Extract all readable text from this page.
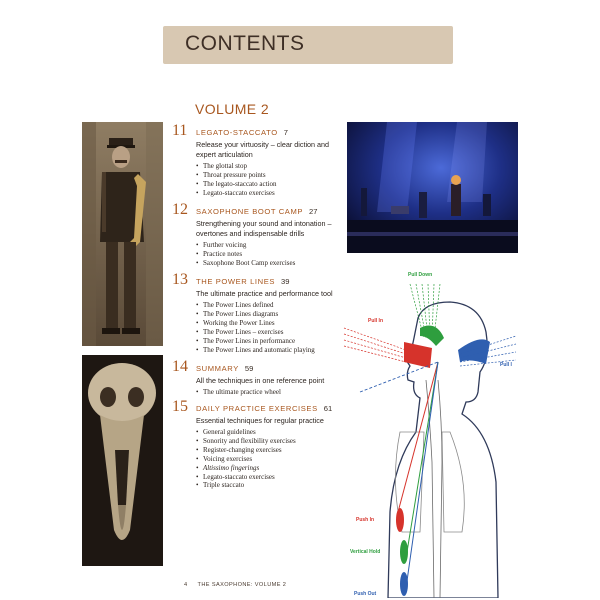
CONTENTS
VOLUME 2
11	LEGATO-STACCATO 7
Release your virtuosity – clear diction and expert articulation
• The glottal stop
• Throat pressure points
• The legato-staccato action
• Legato-staccato exercises
12	SAXOPHONE BOOT CAMP 27
Strengthening your sound and intonation – overtones and indispensable drills
• Further voicing
• Practice notes
• Saxophone Boot Camp exercises
13	THE POWER LINES 39
The ultimate practice and performance tool
• The Power Lines defined
• The Power Lines diagrams
• Working the Power Lines
• The Power Lines – exercises
• The Power Lines in performance
• The Power Lines and automatic playing
14	SUMMARY 59
All the techniques in one reference point
• The ultimate practice wheel
15	DAILY PRACTICE EXERCISES 61
Essential techniques for regular practice
• General guidelines
• Sonority and flexibility exercises
• Register-changing exercises
• Voicing exercises
• Altissimo fingerings
• Legato-staccato exercises
• Triple staccato
Pull Down
Pull In
Pull I
Push In
Vertical Hold
Push Out
4 THE SAXOPHONE: VOLUME 2
